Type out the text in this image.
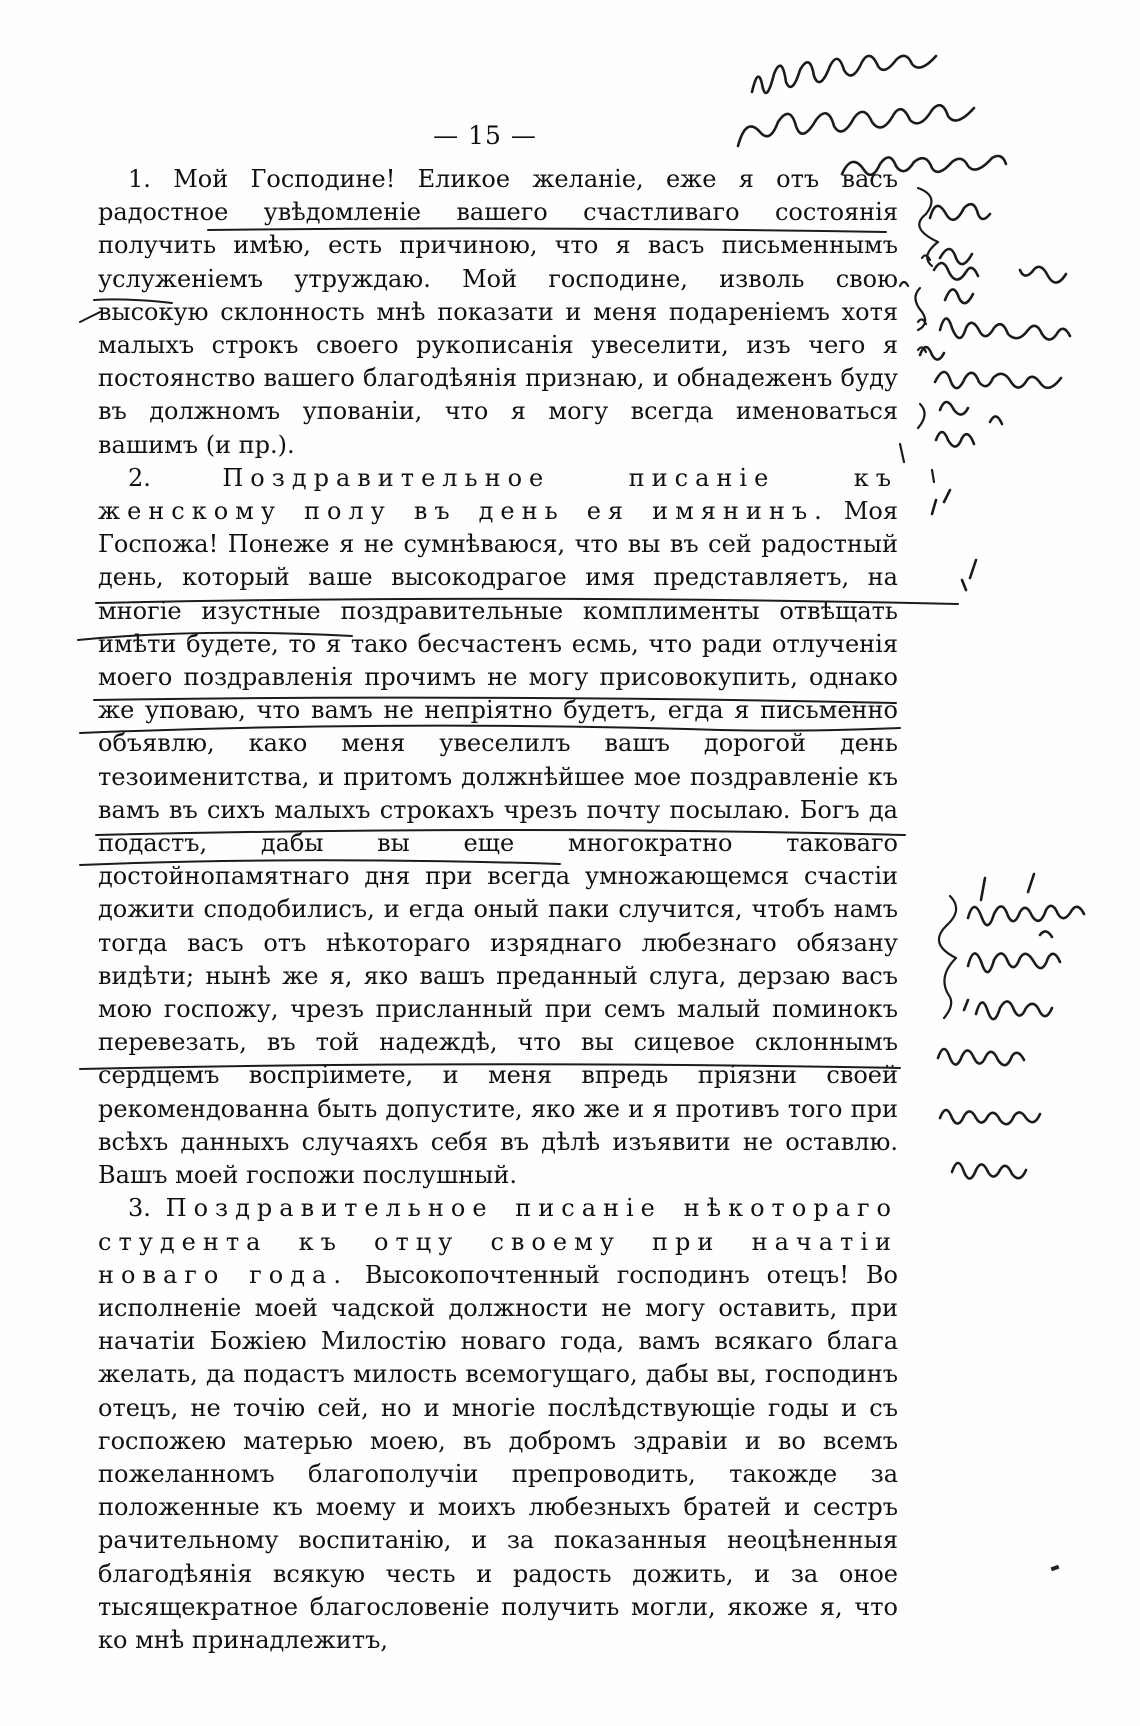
— 15 —

1. Мой Господине! Еликое желаніе, еже я отъ васъ радостное увѣдомленіе вашего счастливаго состоянія получить имѣю, есть причиною, что я васъ письменнымъ услуженіемъ утруждаю. Мой господине, изволь свою высокую склонность мнѣ показати и меня подареніемъ хотя малыхъ строкъ своего рукописанія увеселити, изъ чего я постоянство вашего благодѣянія признаю, и обнадеженъ буду въ должномъ упованіи, что я могу всегда именоваться вашимъ (и пр.).

2.	Поздравительное писаніе къ женскому полу въ день ея имянинъ. Моя Госпожа! Понеже я не сумнѣваюся, что вы въ сей радостный день, который ваше высокодрагое имя представляетъ, на многіе изустные поздравительные комплименты отвѣщать имѣти будете, то я тако бесчастенъ есмь, что ради отлученія моего поздравленія прочимъ не могу присовокупить, однако же уповаю, что вамъ не непріятно будетъ, егда я письменно объявлю, како меня увеселилъ вашъ дорогой день тезоименитства, и притомъ должнѣйшее мое поздравленіе къ вамъ въ сихъ малыхъ строкахъ чрезъ почту посылаю. Богъ да подастъ, дабы вы еще многократно таковаго достойнопамятнаго дня при всегда умножающемся счастіи дожити сподобилисъ, и егда оный паки случится, чтобъ намъ тогда васъ отъ нѣкотораго изряднаго любезнаго обязану видѣти; нынѣ же я, яко вашъ преданный слуга, дерзаю васъ мою госпожу, чрезъ присланный при семъ малый поминокъ перевезать, въ той надеждѣ, что вы сицевое склоннымъ сердцемъ воспріимете, и меня впредь пріязни своей рекомендованна быть допустите, яко же и я противъ того при всѣхъ данныхъ случаяхъ себя въ дѣлѣ изъявити не оставлю. Вашъ моей госпожи послушный.

3. Поздравительное писаніе нѣкотораго студента къ отцу своему при начатіи новаго года. Высокопочтенный господинъ отецъ! Во исполненіе моей чадской должности не могу оставить, при начатіи Божіею Милостію новаго года, вамъ всякаго блага желать, да подастъ милость всемогущаго, дабы вы, господинъ отецъ, не точію сей, но и многіе послѣдствующіе годы и съ госпожею матерью моею, въ добромъ здравіи и во всемъ пожеланномъ благополучіи препроводить, такожде за положенные къ моему и моихъ любезныхъ братей и сестръ рачительному воспитанію, и за показанныя неоцѣненныя благодѣянія всякую честь и радость дожить, и за оное тысящекратное благословеніе получить могли, якоже я, что ко мнѣ принадлежитъ,
